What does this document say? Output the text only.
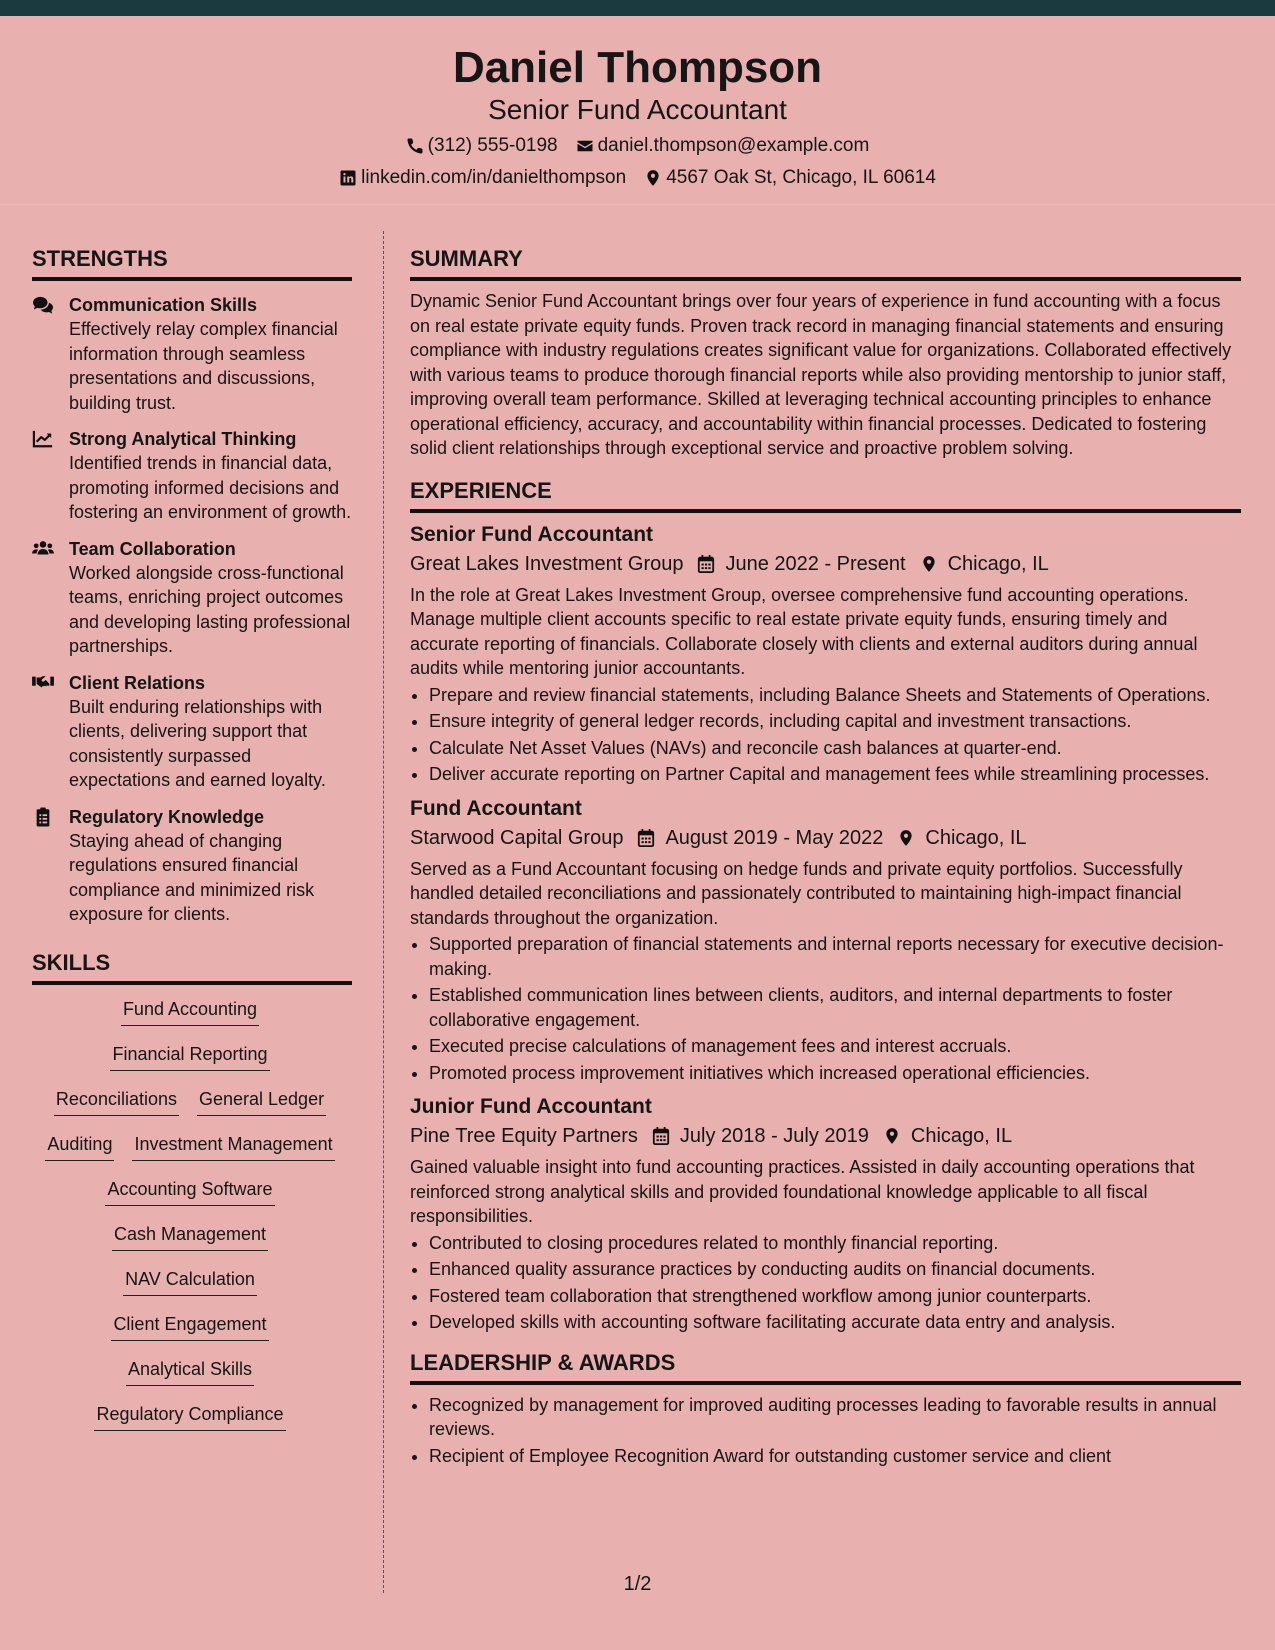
Daniel Thompson
Senior Fund Accountant
(312) 555-0198 daniel.thompson@example.com
linkedin.com/in/danielthompson 4567 Oak St, Chicago, IL 60614
STRENGTHS
Communication Skills
Effectively relay complex financial information through seamless presentations and discussions, building trust.
Strong Analytical Thinking
Identified trends in financial data, promoting informed decisions and fostering an environment of growth.
Team Collaboration
Worked alongside cross-functional teams, enriching project outcomes and developing lasting professional partnerships.
Client Relations
Built enduring relationships with clients, delivering support that consistently surpassed expectations and earned loyalty.
Regulatory Knowledge
Staying ahead of changing regulations ensured financial compliance and minimized risk exposure for clients.
SKILLS
Fund Accounting
Financial Reporting
Reconciliations General Ledger
Auditing Investment Management
Accounting Software
Cash Management
NAV Calculation
Client Engagement
Analytical Skills
Regulatory Compliance
SUMMARY
Dynamic Senior Fund Accountant brings over four years of experience in fund accounting with a focus on real estate private equity funds. Proven track record in managing financial statements and ensuring compliance with industry regulations creates significant value for organizations. Collaborated effectively with various teams to produce thorough financial reports while also providing mentorship to junior staff, improving overall team performance. Skilled at leveraging technical accounting principles to enhance operational efficiency, accuracy, and accountability within financial processes. Dedicated to fostering solid client relationships through exceptional service and proactive problem solving.
EXPERIENCE
Senior Fund Accountant
Great Lakes Investment Group June 2022 - Present Chicago, IL
In the role at Great Lakes Investment Group, oversee comprehensive fund accounting operations. Manage multiple client accounts specific to real estate private equity funds, ensuring timely and accurate reporting of financials. Collaborate closely with clients and external auditors during annual audits while mentoring junior accountants.
• Prepare and review financial statements, including Balance Sheets and Statements of Operations.
• Ensure integrity of general ledger records, including capital and investment transactions.
• Calculate Net Asset Values (NAVs) and reconcile cash balances at quarter-end.
• Deliver accurate reporting on Partner Capital and management fees while streamlining processes.
Fund Accountant
Starwood Capital Group August 2019 - May 2022 Chicago, IL
Served as a Fund Accountant focusing on hedge funds and private equity portfolios. Successfully handled detailed reconciliations and passionately contributed to maintaining high-impact financial standards throughout the organization.
• Supported preparation of financial statements and internal reports necessary for executive decision-making.
• Established communication lines between clients, auditors, and internal departments to foster collaborative engagement.
• Executed precise calculations of management fees and interest accruals.
• Promoted process improvement initiatives which increased operational efficiencies.
Junior Fund Accountant
Pine Tree Equity Partners July 2018 - July 2019 Chicago, IL
Gained valuable insight into fund accounting practices. Assisted in daily accounting operations that reinforced strong analytical skills and provided foundational knowledge applicable to all fiscal responsibilities.
• Contributed to closing procedures related to monthly financial reporting.
• Enhanced quality assurance practices by conducting audits on financial documents.
• Fostered team collaboration that strengthened workflow among junior counterparts.
• Developed skills with accounting software facilitating accurate data entry and analysis.
LEADERSHIP & AWARDS
• Recognized by management for improved auditing processes leading to favorable results in annual reviews.
• Recipient of Employee Recognition Award for outstanding customer service and client
1/2
